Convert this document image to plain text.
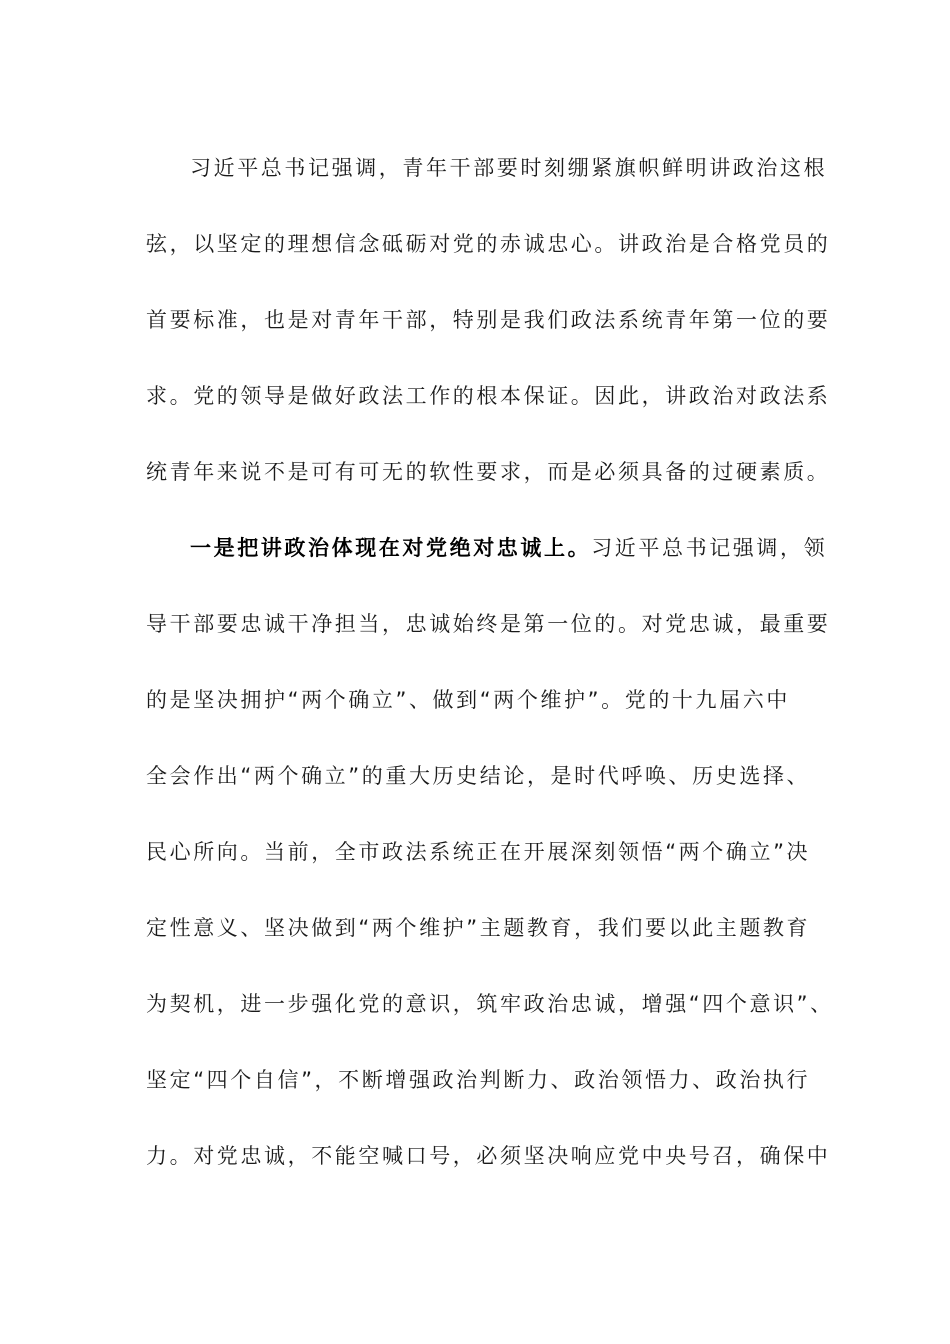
习近平总书记强调，青年干部要时刻绷紧旗帜鲜明讲政治这根
弦，以坚定的理想信念砥砺对党的赤诚忠心。讲政治是合格党员的
首要标准，也是对青年干部，特别是我们政法系统青年第一位的要
求。党的领导是做好政法工作的根本保证。因此，讲政治对政法系
统青年来说不是可有可无的软性要求，而是必须具备的过硬素质。
一是把讲政治体现在对党绝对忠诚上。习近平总书记强调，领
导干部要忠诚干净担当，忠诚始终是第一位的。对党忠诚，最重要
的是坚决拥护“两个确立”、做到“两个维护”。党的十九届六中
全会作出“两个确立”的重大历史结论，是时代呼唤、历史选择、
民心所向。当前，全市政法系统正在开展深刻领悟“两个确立”决
定性意义、坚决做到“两个维护”主题教育，我们要以此主题教育
为契机，进一步强化党的意识，筑牢政治忠诚，增强“四个意识”、
坚定“四个自信”，不断增强政治判断力、政治领悟力、政治执行
力。对党忠诚，不能空喊口号，必须坚决响应党中央号召，确保中
